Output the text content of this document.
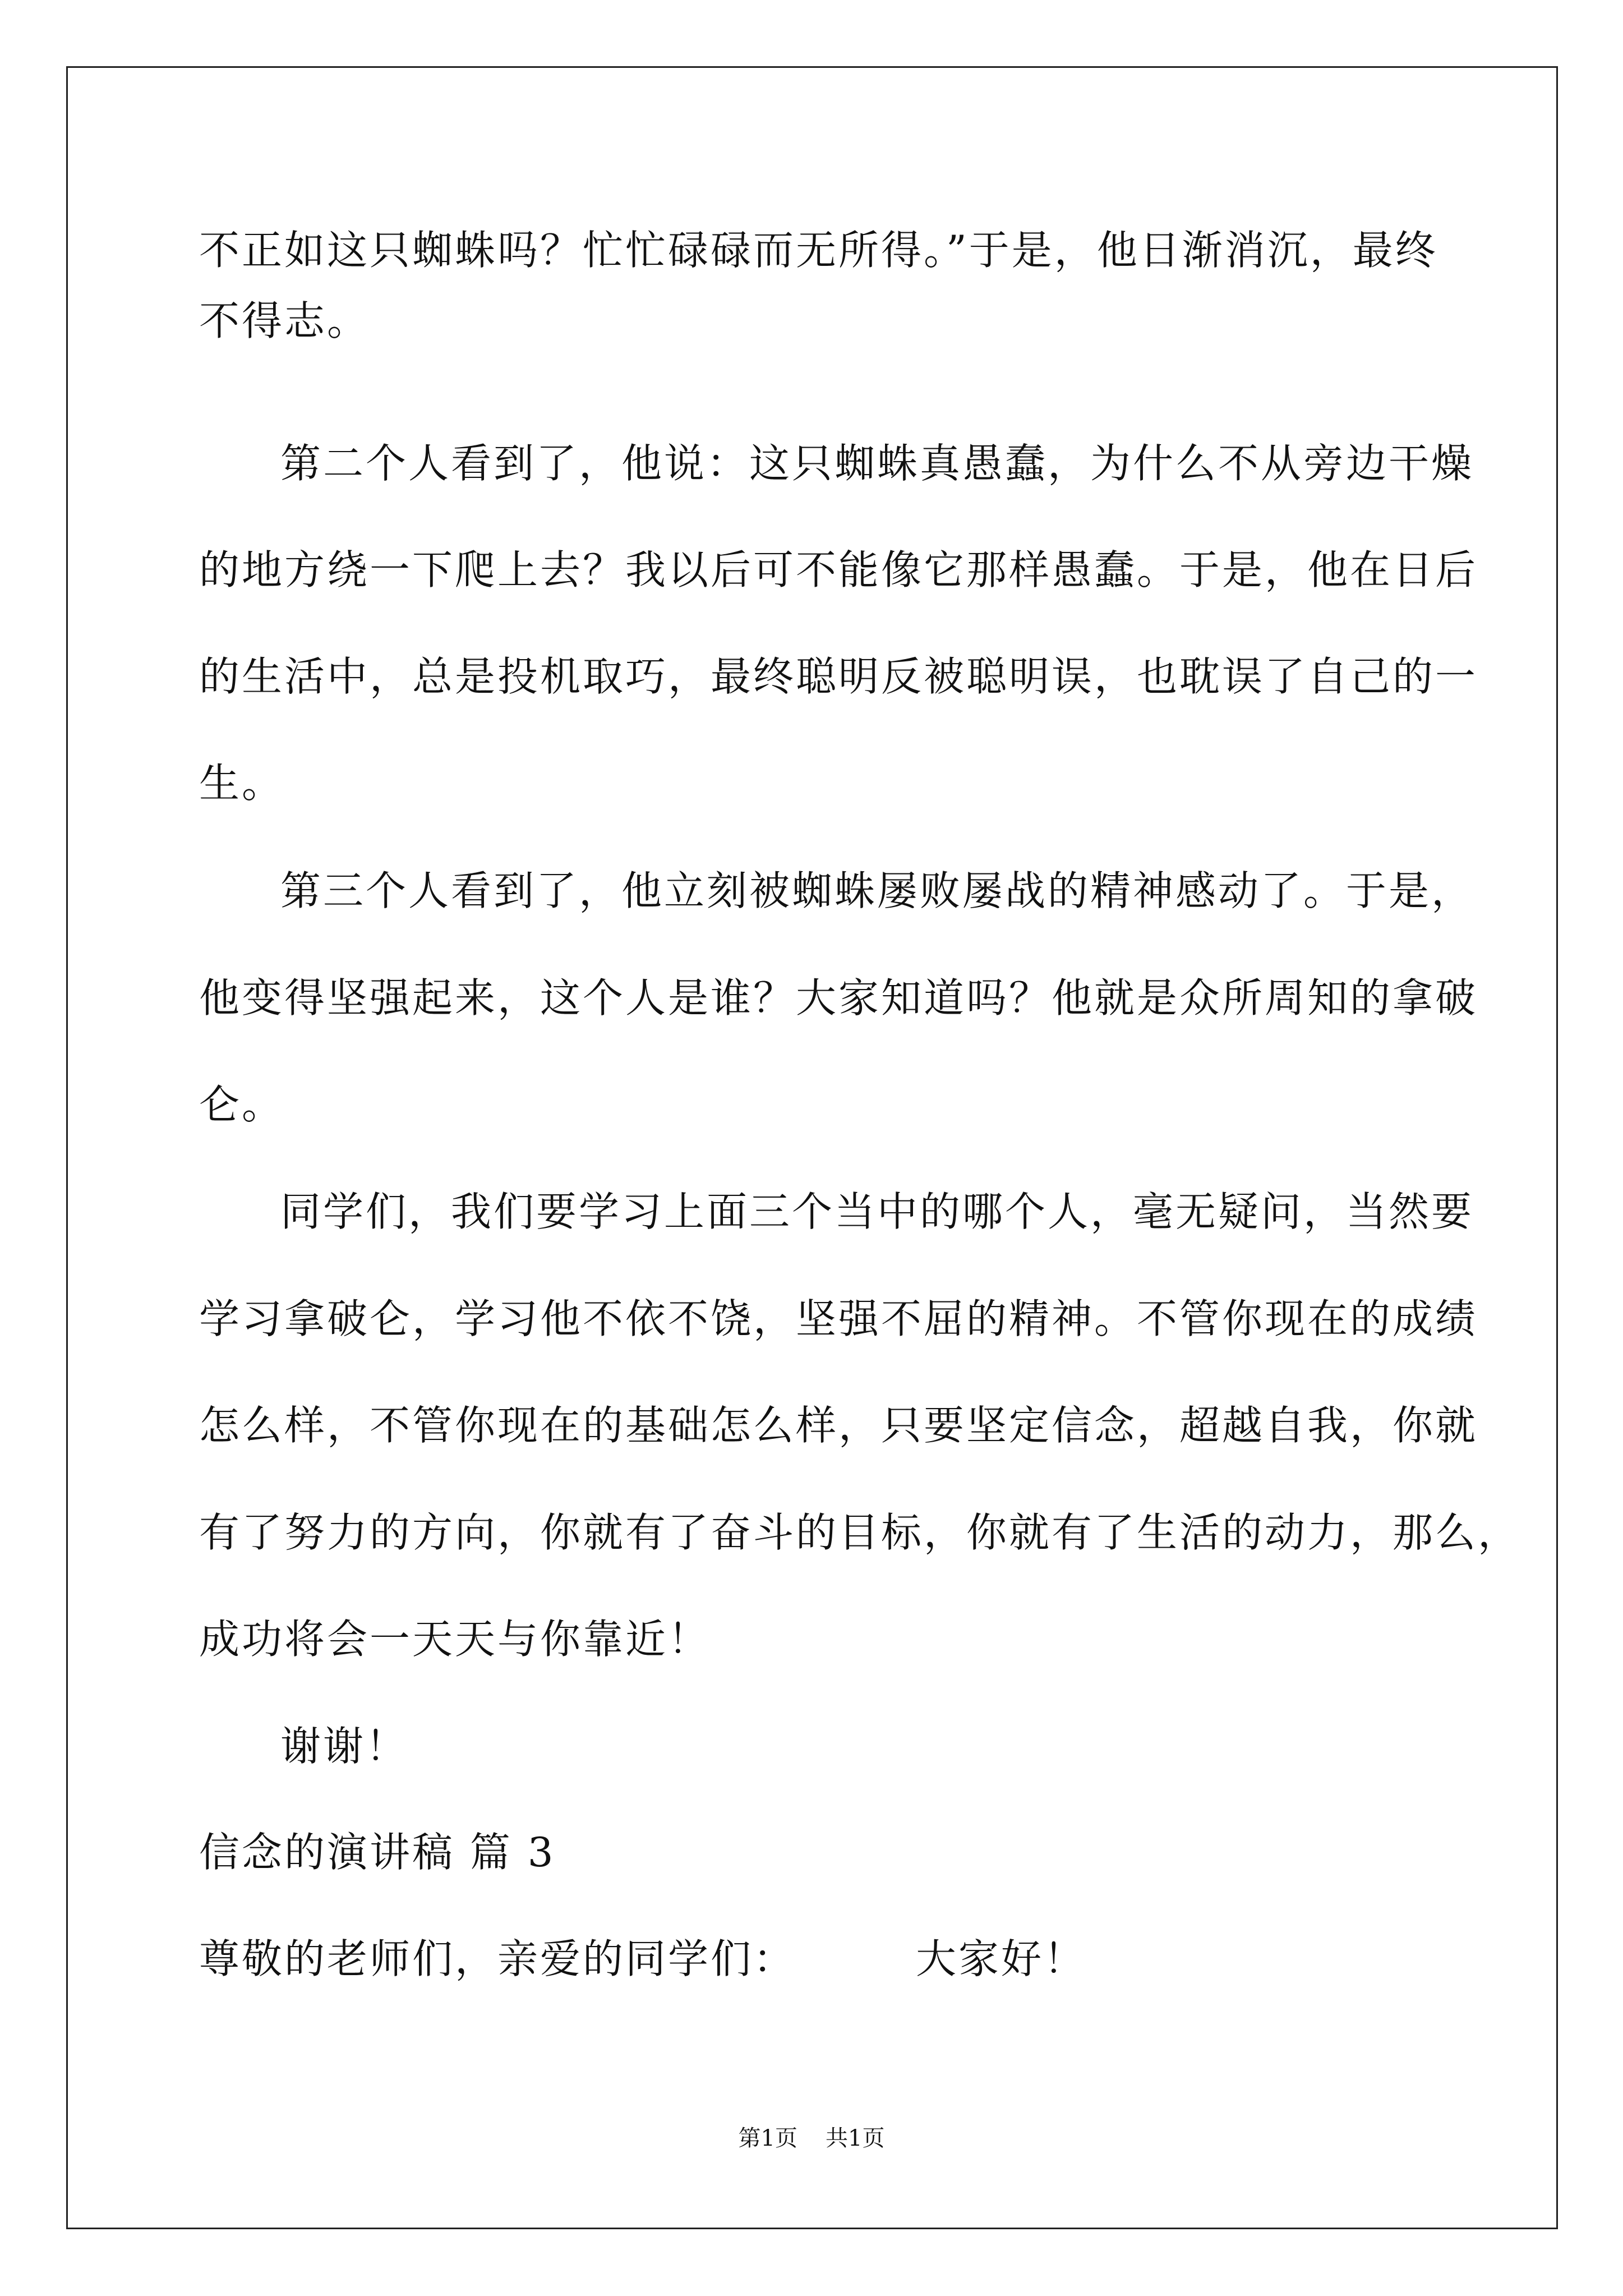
不正如这只蜘蛛吗？忙忙碌碌而无所得。”于是，他日渐消沉，最终

不得志。

第二个人看到了，他说：这只蜘蛛真愚蠢，为什么不从旁边干燥

的地方绕一下爬上去？我以后可不能像它那样愚蠢。于是，他在日后

的生活中，总是投机取巧，最终聪明反被聪明误，也耽误了自己的一

生。

第三个人看到了，他立刻被蜘蛛屡败屡战的精神感动了。于是，

他变得坚强起来，这个人是谁？大家知道吗？他就是众所周知的拿破

仑。

同学们，我们要学习上面三个当中的哪个人，毫无疑问，当然要

学习拿破仑，学习他不依不饶，坚强不屈的精神。不管你现在的成绩

怎么样，不管你现在的基础怎么样，只要坚定信念，超越自我，你就

有了努力的方向，你就有了奋斗的目标，你就有了生活的动力，那么，

成功将会一天天与你靠近！

谢谢！

信念的演讲稿 篇 3

尊敬的老师们，亲爱的同学们：	大家好！

第1页 共1页
